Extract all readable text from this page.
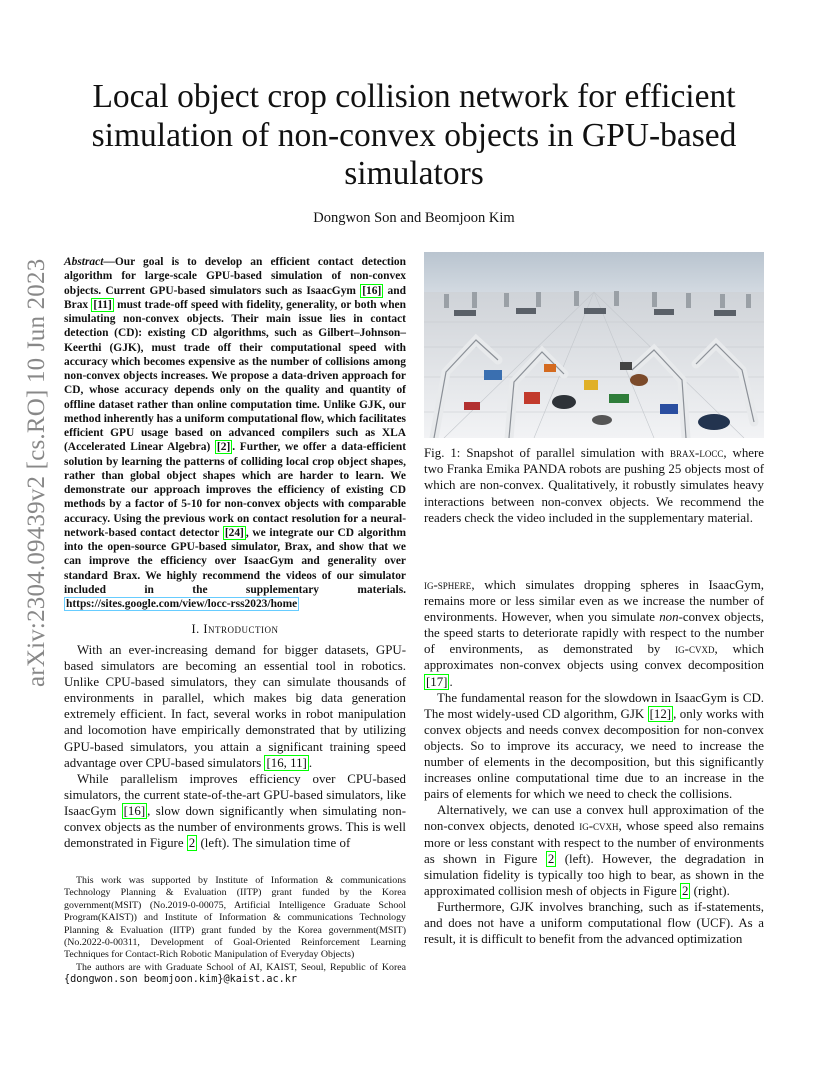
Local object crop collision network for efficient simulation of non-convex objects in GPU-based simulators
Dongwon Son and Beomjoon Kim
arXiv:2304.09439v2 [cs.RO] 10 Jun 2023	Abstract—Our goal is to develop an efficient contact detection algorithm for large-scale GPU-based simulation of non-convex objects. Current GPU-based simulators such as IsaacGym [16] and Brax [11] must trade-off speed with fidelity, generality, or both when simulating non-convex objects. Their main issue lies in contact detection (CD): existing CD algorithms, such as Gilbert–Johnson–Keerthi (GJK), must trade off their computational speed with accuracy which becomes expensive as the number of collisions among non-convex objects increases. We propose a data-driven approach for CD, whose accuracy depends only on the quality and quantity of offline dataset rather than online computation time. Unlike GJK, our method inherently has a uniform computational flow, which facilitates efficient GPU usage based on advanced compilers such as XLA (Accelerated Linear Algebra) [2] . Further, we offer a data-efficient solution by learning the patterns of colliding local crop object shapes, rather than global object shapes which are harder to learn. We demonstrate our approach improves the efficiency of existing CD methods by a factor of 5-10 for non-convex objects with comparable accuracy. Using the previous work on contact resolution for a neural-network-based contact detector [24] , we integrate our CD algorithm into the open-source GPU-based simulator, Brax, and show that we can improve the efficiency over IsaacGym and generality over standard Brax. We highly recommend the videos of our simulator included in the supplementary materials. https://sites.google.com/view/locc-rss2023/home
I. Introduction

With an ever-increasing demand for bigger datasets, GPU-based simulators are becoming an essential tool in robotics. Unlike CPU-based simulators, they can simulate thousands of environments in parallel, which makes big data generation extremely efficient. In fact, several works in robot manipulation and locomotion have empirically demonstrated that by utilizing GPU-based simulators, you attain a significant training speed advantage over CPU-based simulators [16, 11] .

While parallelism improves efficiency over CPU-based simulators, the current state-of-the-art GPU-based simulators, like IsaacGym [16] , slow down significantly when simulating non-convex objects as the number of environments grows. This is well demonstrated in Figure 2 (left). The simulation time of

This work was supported by Institute of Information & communications Technology Planning & Evaluation (IITP) grant funded by the Korea government(MSIT) (No.2019-0-00075, Artificial Intelligence Graduate School Program(KAIST)) and Institute of Information & communications Technology Planning & Evaluation (IITP) grant funded by the Korea government(MSIT) (No.2022-0-00311, Development of Goal-Oriented Reinforcement Learning Techniques for Contact-Rich Robotic Manipulation of Everyday Objects)

The authors are with Graduate School of AI, KAIST, Seoul, Republic of Korea {dongwon.son beomjoon.kim}@kaist.ac.kr

Fig. 1: Snapshot of parallel simulation with brax-locc, where two Franka Emika PANDA robots are pushing 25 objects most of which are non-convex. Qualitatively, it robustly simulates heavy interactions between non-convex objects. We recommend the readers check the video included in the supplementary material.

ig-sphere, which simulates dropping spheres in IsaacGym, remains more or less similar even as we increase the number of environments. However, when you simulate non-convex objects, the speed starts to deteriorate rapidly with respect to the number of environments, as demonstrated by ig-cvxd, which approximates non-convex objects using convex decomposition [17] .

The fundamental reason for the slowdown in IsaacGym is CD. The most widely-used CD algorithm, GJK [12] , only works with convex objects and needs convex decomposition for non-convex objects. So to improve its accuracy, we need to increase the number of elements in the decomposition, but this significantly increases online computational time due to an increase in the pairs of elements for which we need to check the collisions.

Alternatively, we can use a convex hull approximation of the non-convex objects, denoted ig-cvxh, whose speed also remains more or less constant with respect to the number of environments as shown in Figure 2 (left). However, the degradation in simulation fidelity is typically too high to bear, as shown in the approximated collision mesh of objects in Figure 2 (right).

Furthermore, GJK involves branching, such as if-statements, and does not have a uniform computational flow (UCF). As a result, it is difficult to benefit from the advanced optimization
